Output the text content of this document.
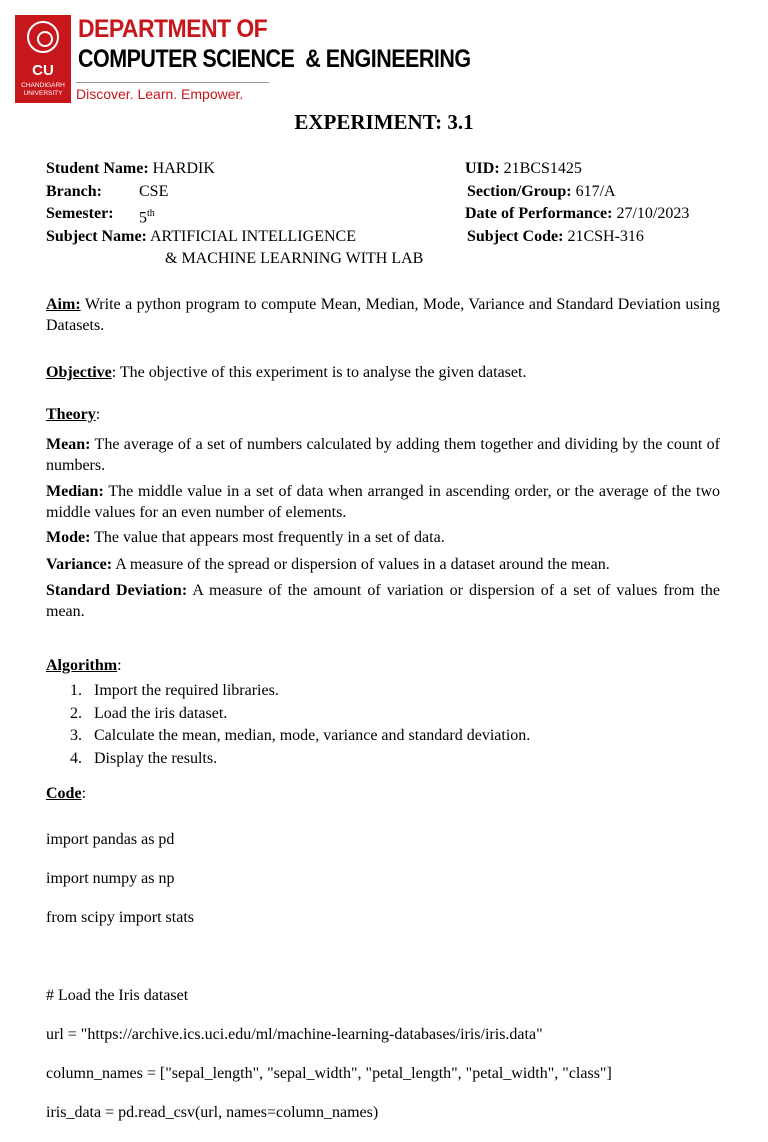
CU
CHANDIGARH UNIVERSITY
DEPARTMENT OF
COMPUTER SCIENCE  & ENGINEERING
Discover. Learn. Empower.
EXPERIMENT: 3.1
Student Name: HARDIK	UID: 21BCS1425
Branch: CSE	Section/Group: 617/A
Semester: 5th	Date of Performance: 27/10/2023
Subject Name: ARTIFICIAL INTELLIGENCE	Subject Code: 21CSH-316
& MACHINE LEARNING WITH LAB
Aim: Write a python program to compute Mean, Median, Mode, Variance and Standard Deviation using Datasets.
Objective: The objective of this experiment is to analyse the given dataset.
Theory:
Mean: The average of a set of numbers calculated by adding them together and dividing by the count of numbers.
Median: The middle value in a set of data when arranged in ascending order, or the average of the two middle values for an even number of elements.
Mode: The value that appears most frequently in a set of data.
Variance: A measure of the spread or dispersion of values in a dataset around the mean.
Standard Deviation: A measure of the amount of variation or dispersion of a set of values from the mean.
Algorithm:
1.   Import the required libraries.
2.   Load the iris dataset.
3.   Calculate the mean, median, mode, variance and standard deviation.
4.   Display the results.
Code:

import pandas as pd

import numpy as np

from scipy import stats

# Load the Iris dataset

url = "https://archive.ics.uci.edu/ml/machine-learning-databases/iris/iris.data"

column_names = ["sepal_length", "sepal_width", "petal_length", "petal_width", "class"]

iris_data = pd.read_csv(url, names=column_names)
